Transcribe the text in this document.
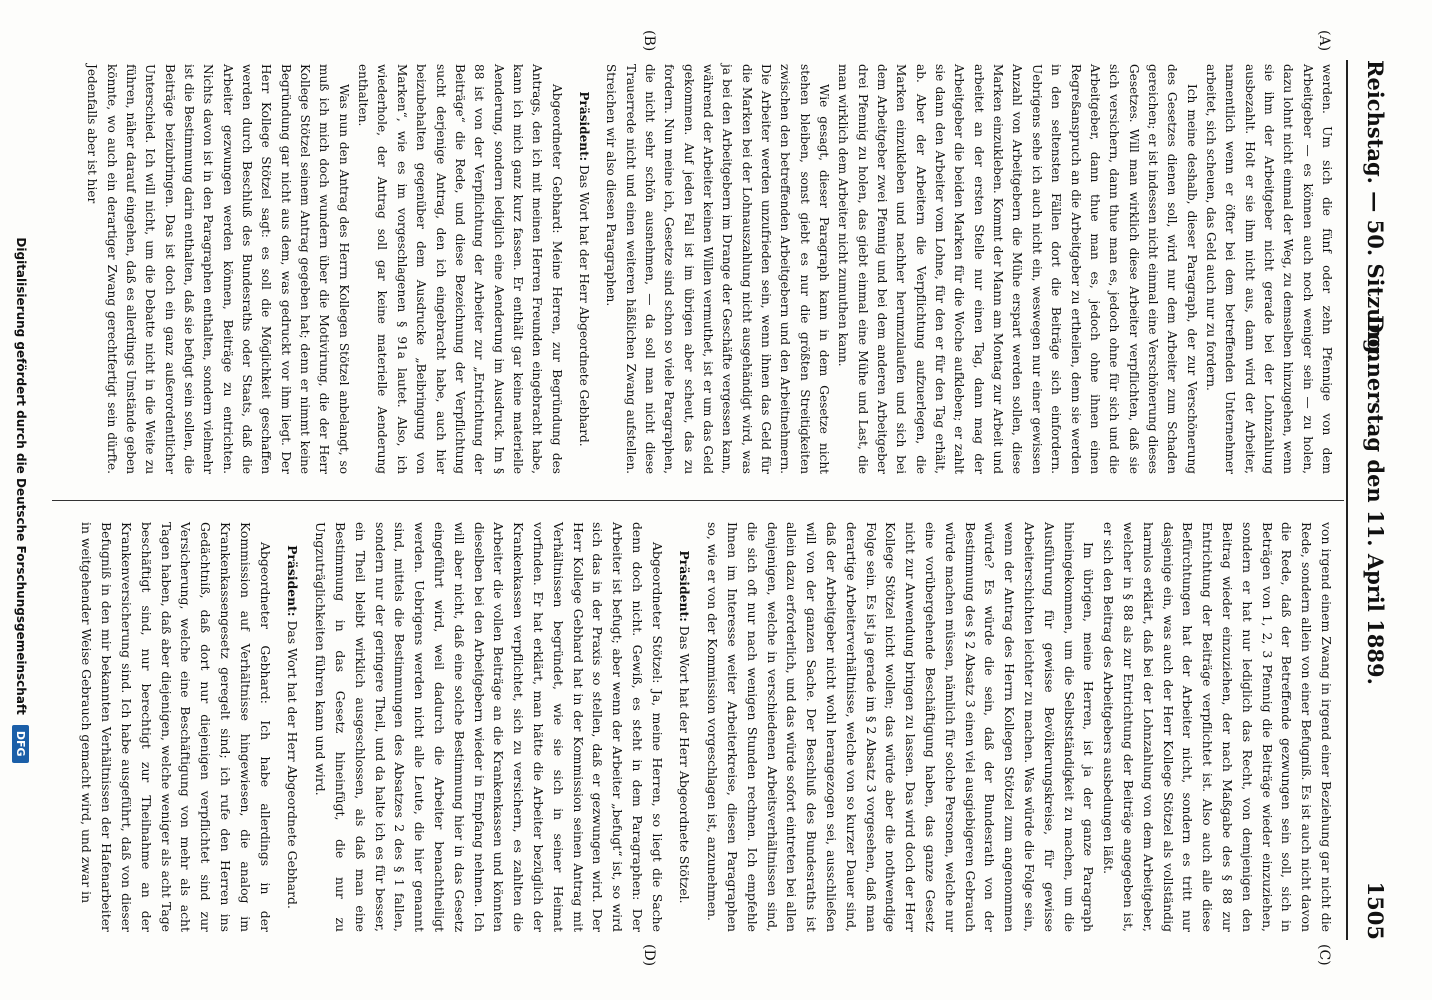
Reichstag. — 50. Sitzung.
Donnerstag den 11. April 1889.
1505
(A)
(B)
(C)
(D)

werden. Um sich die fünf oder zehn Pfennige von dem Arbeitgeber — es können auch noch weniger sein — zu holen, dazu lohnt nicht einmal der Weg, zu demselben hinzugehen, wenn sie ihm der Arbeitgeber nicht gerade bei der Lohnzahlung ausbezahlt. Holt er sie ihm nicht aus, dann wird der Arbeiter, namentlich wenn er öfter bei dem betreffenden Unternehmer arbeitet, sich scheuen, das Geld auch nur zu fordern.

Ich meine deshalb, dieser Paragraph, der zur Verschönerung des Gesetzes dienen soll, wird nur dem Arbeiter zum Schaden gereichen; er ist indessen nicht einmal eine Verschönerung dieses Gesetzes. Will man wirklich diese Arbeiter verpflichten, daß sie sich versichern, dann thue man es, jedoch ohne für sich und die Arbeitgeber, dann thue man es, jedoch ohne ihnen einen Regreßanspruch an die Arbeitgeber zu ertheilen, denn sie werden in den seltensten Fällen dort die Beiträge sich einfordern. Uebrigens sehe ich auch nicht ein, weswegen nur einer gewissen Anzahl von Arbeitgebern die Mühe erspart werden sollen, diese Marken einzukleben. Kommt der Mann am Montag zur Arbeit und arbeitet an der ersten Stelle nur einen Tag, dann mag der Arbeitgeber die beiden Marken für die Woche aufkleben; er zahlt sie dann den Arbeiter vom Lohne, für den er für den Tag erhält, ab. Aber der Arbeitern die Verpflichtung aufzuerlegen, die Marken einzukleben und nachher herumzulaufen und sich bei dem Arbeitgeber zwei Pfennig und bei dem anderen Arbeitgeber drei Pfennig zu holen, das giebt einmal eine Mühe und Last, die man wirklich dem Arbeiter nicht zumuthen kann.

Wie gesagt, dieser Paragraph kann in dem Gesetze nicht stehen bleiben, sonst giebt es nur die größten Streitigkeiten zwischen den betreffenden Arbeitgebern und den Arbeitnehmern. Die Arbeiter werden unzufrieden sein, wenn ihnen das Geld für die Marken bei der Lohnauszahlung nicht ausgehändigt wird, was ja bei den Arbeitgebern im Drange der Geschäfte vergessen kann, während der Arbeiter keinen Willen vermuthet, ist er um das Geld gekommen. Auf jeden Fall ist im übrigen aber scheut, das zu fordern. Nun meine ich, Gesetze sind schon so viele Paragraphen, die nicht sehr schön ausnehmen, — da soll man nicht diese Trauerrede nicht und einen weiteren häßlichen Zwang aufstellen. Streichen wir also diesen Paragraphen.

Präsident: Das Wort hat der Herr Abgeordnete Gebhard.

Abgeordneter Gebhard: Meine Herren, zur Begründung des Antrags, den ich mit meinen Herren Freunden eingebracht habe, kann ich mich ganz kurz fassen. Er enthält gar keine materielle Aenderung, sondern lediglich eine Aenderung im Ausdruck. Im § 88 ist von der Verpflichtung der Arbeiter zur „Entrichtung der Beiträge“ die Rede, und diese Bezeichnung der Verpflichtung sucht derjenige Antrag, den ich eingebracht habe, auch hier beizubehalten gegenüber dem Ausdrucke „Beibringung von Marken“, wie es im vorgeschlagenen § 91a lautet. Also, ich wiederhole, der Antrag soll gar keine materielle Aenderung enthalten.

Was nun den Antrag des Herrn Kollegen Stötzel anbelangt, so muß ich mich doch wundern über die Motivirung, die der Herr Kollege Stötzel seinem Antrag gegeben hat; denn er nimmt keine Begründung gar nicht aus dem, was gedruckt vor ihm liegt. Der Herr Kollege Stötzel sagt: es soll die Möglichkeit geschaffen werden durch Beschluß des Bundesraths oder Staats, daß die Arbeiter gezwungen werden können, Beiträge zu entrichten. Nichts davon ist in den Paragraphen enthalten, sondern vielmehr ist die Bestimmung darin enthalten, daß sie befugt sein sollen, die Beiträge beizubringen. Das ist doch ein ganz außerordentlicher Unterschied. Ich will nicht, um die Debatte nicht in die Weite zu führen, näher darauf eingehen, daß es allerdings Umstände geben könnte, wo auch ein derartiger Zwang gerechtfertigt sein dürfte. Jedenfalls aber ist hier

von irgend einem Zwang in irgend einer Beziehung gar nicht die Rede, sondern allein von einer Befugniß. Es ist auch nicht davon die Rede, daß der Betreffende gezwungen sein soll, sich in Beträgen von 1, 2, 3 Pfennig die Beiträge wieder einzuziehen, sondern er hat nur lediglich das Recht, von demjenigen den Beitrag wieder einzuziehen, der nach Maßgabe des § 88 zur Entrichtung der Beiträge verpflichtet ist. Also auch alle diese Befürchtungen hat der Arbeiter nicht, sondern es tritt nur dasjenige ein, was auch der Herr Kollege Stötzel als vollständig harmlos erklärt, daß bei der Lohnzahlung von dem Arbeitgeber, welcher in § 88 als zur Entrichtung der Beiträge angegeben ist, er sich den Beitrag des Arbeitgebers ausbedungen läßt.

Im übrigen, meine Herren, ist ja der ganze Paragraph hineingekommen, um die Selbstständigkeit zu machen, um die Ausführung für gewisse Bevölkerungskreise, für gewisse Arbeiterschichten leichter zu machen. Was würde die Folge sein, wenn der Antrag des Herrn Kollegen Stötzel zum angenommen würde? Es würde die sein, daß der Bundesrath von der Bestimmung des § 2 Absatz 3 einen viel ausgiebigeren Gebrauch würde machen müssen, nämlich für solche Personen, welche nur eine vorübergehende Beschäftigung haben, das ganze Gesetz nicht zur Anwendung bringen zu lassen. Das wird doch der Herr Kollege Stötzel nicht wollen; das würde aber die nothwendige Folge sein. Es ist ja gerade im § 2 Absatz 3 vorgesehen, daß man derartige Arbeiterverhältnisse, welche von so kurzer Dauer sind, daß der Arbeitgeber nicht wohl herangezogen sei, ausschließen will von der ganzen Sache. Der Beschluß des Bundesraths ist allein dazu erforderlich, und das würde sofort eintreten bei allen denjenigen, welche in verschiedenen Arbeitsverhältnissen sind, die sich oft nur nach wenigen Stunden rechnen. Ich empfehle Ihnen im Interesse weiter Arbeiterkreise, diesen Paragraphen so, wie er von der Kommission vorgeschlagen ist, anzunehmen.

Präsident: Das Wort hat der Herr Abgeordnete Stötzel.

Abgeordneter Stötzel: Ja, meine Herren, so liegt die Sache denn doch nicht. Gewiß, es steht in dem Paragraphen: Der Arbeiter ist befugt; aber wenn der Arbeiter „befugt“ ist, so wird sich das in der Praxis so stellen, daß er gezwungen wird. Der Herr Kollege Gebhard hat in der Kommission seinen Antrag mit Verhältnissen begründet, wie sie sich in seiner Heimat vorfinden. Er hat erklärt, man hätte die Arbeiter bezüglich der Krankenkassen verpflichtet, sich zu versichern, es zahlten die Arbeiter die vollen Beiträge an die Krankenkassen und könnten dieselben bei den Arbeitgebern wieder in Empfang nehmen. Ich will aber nicht, daß eine solche Bestimmung hier in das Gesetz eingeführt wird, weil dadurch die Arbeiter benachtheiligt werden. Uebrigens werden nicht alle Leute, die hier genannt sind, mittels die Bestimmungen des Absatzes 2 des § 1 fallen, sondern nur der geringere Theil, und da halte ich es für besser, ein Theil bleibt wirklich ausgeschlossen, als daß man eine Bestimmung in das Gesetz hineinfügt, die nur zu Ungzuträglichkeiten führen kann und wird.

Präsident: Das Wort hat der Herr Abgeordnete Gebhard.

Abgeordneter Gebhard: Ich habe allerdings in der Kommission auf Verhältnisse hingewiesen, die analog im Krankenkassengesetz geregelt sind; ich rufe den Herren ins Gedächtniß, daß dort nur diejenigen verpflichtet sind zur Versicherung, welche eine Beschäftigung von mehr als acht Tagen haben, daß aber diejenigen, welche weniger als acht Tage beschäftigt sind, nur berechtigt zur Theilnahme an der Krankenversicherung sind. Ich habe ausgeführt, daß von dieser Befugniß in den mir bekannten Verhältnissen der Hafenarbeiter in weitgehender Weise Gebrauch gemacht wird, und zwar in

Digitalisierung gefördert durch die Deutsche Forschungsgemeinschaft
DFG
